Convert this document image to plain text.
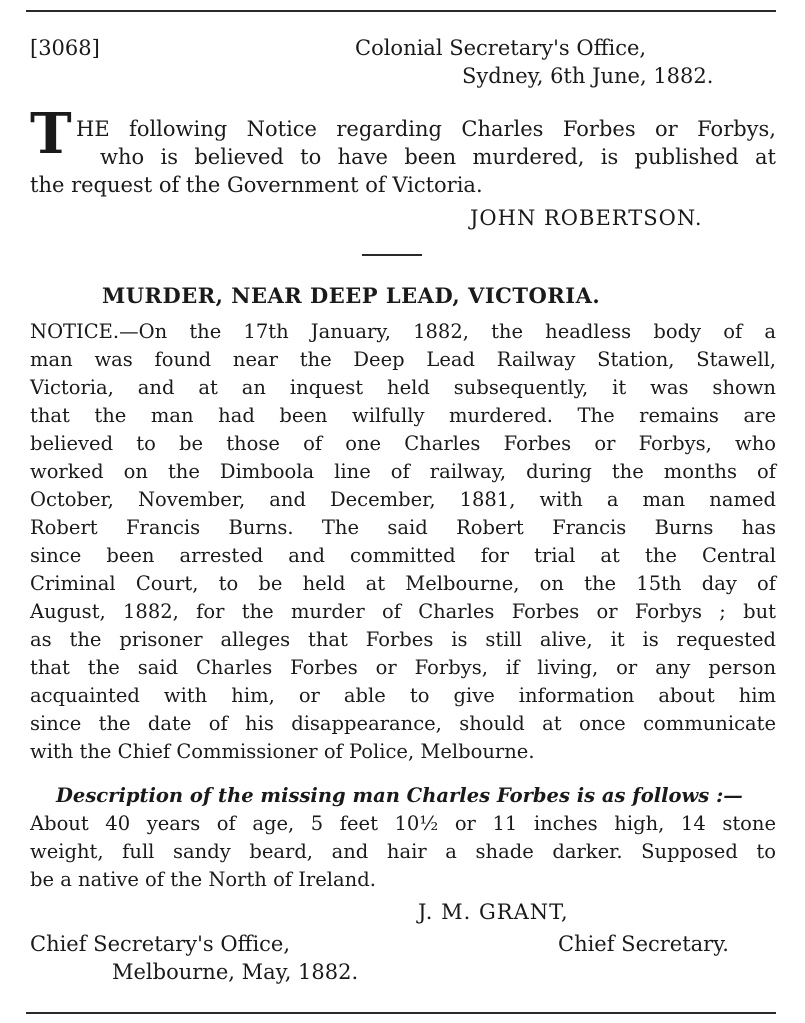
[3068]	Colonial Secretary's Office,
Sydney, 6th June, 1882.
T HE following Notice regarding Charles Forbes or Forbys,
who is believed to have been murdered, is published at
the request of the Government of Victoria.
JOHN ROBERTSON.
MURDER, NEAR DEEP LEAD, VICTORIA.
NOTICE.—On the 17th January, 1882, the headless body of a
man was found near the Deep Lead Railway Station, Stawell,
Victoria, and at an inquest held subsequently, it was shown
that the man had been wilfully murdered. The remains are
believed to be those of one Charles Forbes or Forbys, who
worked on the Dimboola line of railway, during the months of
October, November, and December, 1881, with a man named
Robert Francis Burns. The said Robert Francis Burns has
since been arrested and committed for trial at the Central
Criminal Court, to be held at Melbourne, on the 15th day of
August, 1882, for the murder of Charles Forbes or Forbys ; but
as the prisoner alleges that Forbes is still alive, it is requested
that the said Charles Forbes or Forbys, if living, or any person
acquainted with him, or able to give information about him
since the date of his disappearance, should at once communicate
with the Chief Commissioner of Police, Melbourne.
Description of the missing man Charles Forbes is as follows :—
About 40 years of age, 5 feet 10½ or 11 inches high, 14 stone
weight, full sandy beard, and hair a shade darker. Supposed to
be a native of the North of Ireland.
J. M. GRANT,
Chief Secretary.
Chief Secretary's Office,
Melbourne, May, 1882.
